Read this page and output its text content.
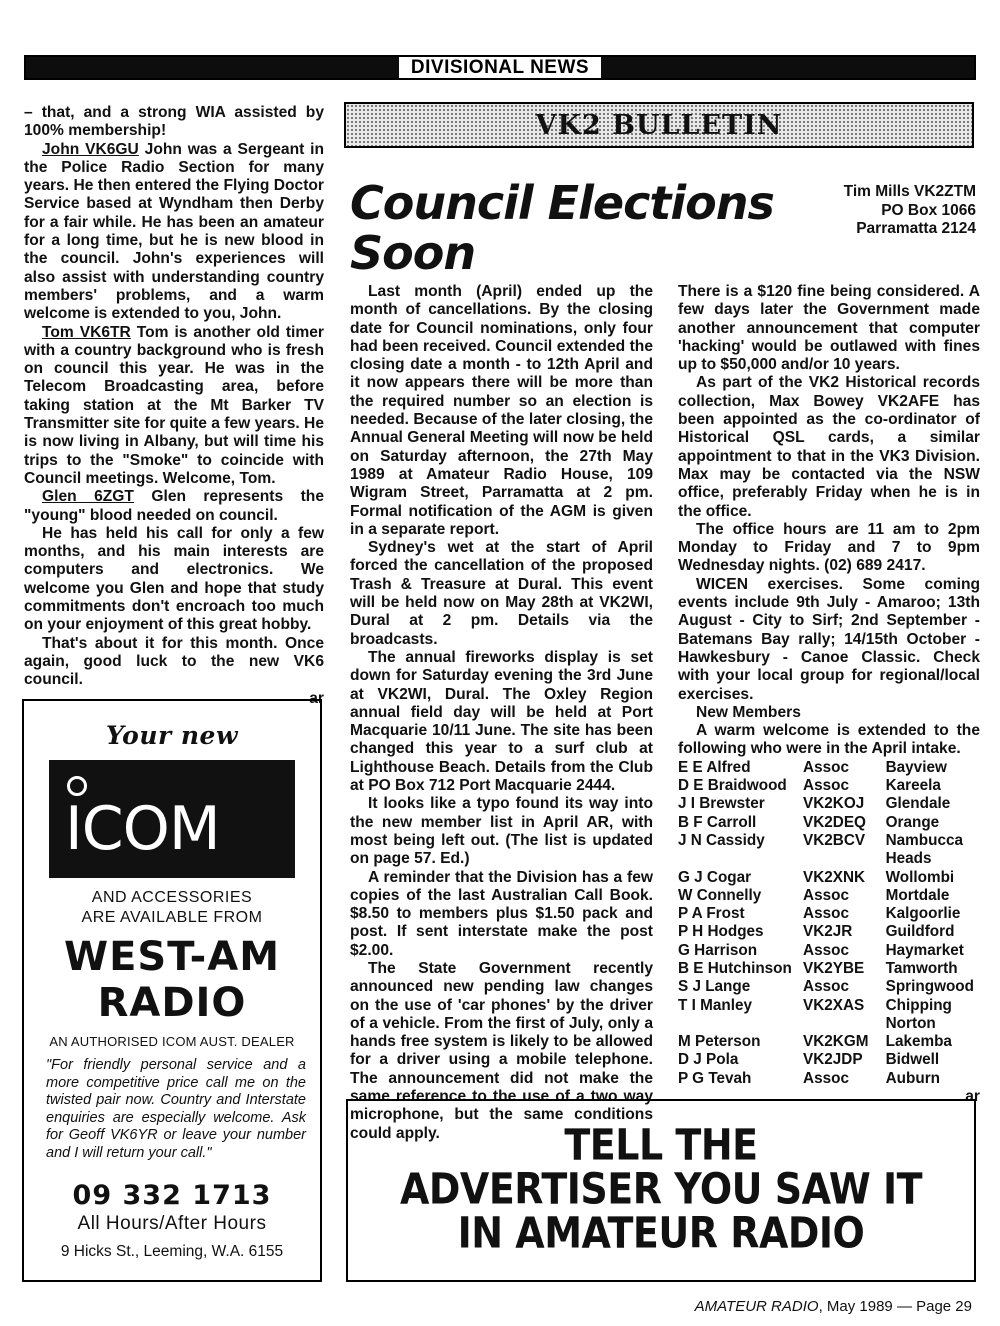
DIVISIONAL NEWS

– that, and a strong WIA assisted by 100% membership!

John VK6GU John was a Sergeant in the Police Radio Section for many years. He then entered the Flying Doctor Service based at Wyndham then Derby for a fair while. He has been an amateur for a long time, but he is new blood in the council. John's experiences will also assist with understanding country members' problems, and a warm welcome is extended to you, John.

Tom VK6TR Tom is another old timer with a country background who is fresh on council this year. He was in the Telecom Broadcasting area, before taking station at the Mt Barker TV Transmitter site for quite a few years. He is now living in Albany, but will time his trips to the "Smoke" to coincide with Council meetings. Welcome, Tom.

Glen 6ZGT Glen represents the "young" blood needed on council.

He has held his call for only a few months, and his main interests are computers and electronics. We welcome you Glen and hope that study commitments don't encroach too much on your enjoyment of this great hobby.

That's about it for this month. Once again, good luck to the new VK6 council.

ar

VK2 BULLETIN
Council Elections Soon
Tim Mills VK2ZTM
PO Box 1066
Parramatta 2124

Last month (April) ended up the month of cancellations. By the closing date for Council nominations, only four had been received. Council extended the closing date a month - to 12th April and it now appears there will be more than the required number so an election is needed. Because of the later closing, the Annual General Meeting will now be held on Saturday afternoon, the 27th May 1989 at Amateur Radio House, 109 Wigram Street, Parramatta at 2 pm. Formal notification of the AGM is given in a separate report.

Sydney's wet at the start of April forced the cancellation of the proposed Trash & Treasure at Dural. This event will be held now on May 28th at VK2WI, Dural at 2 pm. Details via the broadcasts.

The annual fireworks display is set down for Saturday evening the 3rd June at VK2WI, Dural. The Oxley Region annual field day will be held at Port Macquarie 10/11 June. The site has been changed this year to a surf club at Lighthouse Beach. Details from the Club at PO Box 712 Port Macquarie 2444.

It looks like a typo found its way into the new member list in April AR, with most being left out. (The list is updated on page 57. Ed.)

A reminder that the Division has a few copies of the last Australian Call Book. $8.50 to members plus $1.50 pack and post. If sent interstate make the post $2.00.

The State Government recently announced new pending law changes on the use of 'car phones' by the driver of a vehicle. From the first of July, only a hands free system is likely to be allowed for a driver using a mobile telephone. The announcement did not make the same reference to the use of a two way microphone, but the same conditions could apply.

There is a $120 fine being considered. A few days later the Government made another announcement that computer 'hacking' would be outlawed with fines up to $50,000 and/or 10 years.

As part of the VK2 Historical records collection, Max Bowey VK2AFE has been appointed as the co-ordinator of Historical QSL cards, a similar appointment to that in the VK3 Division. Max may be contacted via the NSW office, preferably Friday when he is in the office.

The office hours are 11 am to 2pm Monday to Friday and 7 to 9pm Wednesday nights. (02) 689 2417.

WICEN exercises. Some coming events include 9th July - Amaroo; 13th August - City to Sirf; 2nd September - Batemans Bay rally; 14/15th October - Hawkesbury - Canoe Classic. Check with your local group for regional/local exercises.

New Members

A warm welcome is extended to the following who were in the April intake.

E E Alfred	Assoc	Bayview
D E Braidwood	Assoc	Kareela
J I Brewster	VK2KOJ	Glendale
B F Carroll	VK2DEQ	Orange
J N Cassidy	VK2BCV	Nambucca Heads
G J Cogar	VK2XNK	Wollombi
W Connelly	Assoc	Mortdale
P A Frost	Assoc	Kalgoorlie
P H Hodges	VK2JR	Guildford
G Harrison	Assoc	Haymarket
B E Hutchinson	VK2YBE	Tamworth
S J Lange	Assoc	Springwood
T I Manley	VK2XAS	Chipping Norton
M Peterson	VK2KGM	Lakemba
D J Pola	VK2JDP	Bidwell
P G Tevah	Assoc	Auburn

ar

Your new
ICOM
AND ACCESSORIES
ARE AVAILABLE FROM
WEST-AM
RADIO
AN AUTHORISED ICOM AUST. DEALER
"For friendly personal service and a more competitive price call me on the twisted pair now. Country and Interstate enquiries are especially welcome. Ask for Geoff VK6YR or leave your number and I will return your call."
09 332 1713
All Hours/After Hours
9 Hicks St., Leeming, W.A. 6155

TELL THE

ADVERTISER YOU SAW IT

IN AMATEUR RADIO

AMATEUR RADIO, May 1989 — Page 29
